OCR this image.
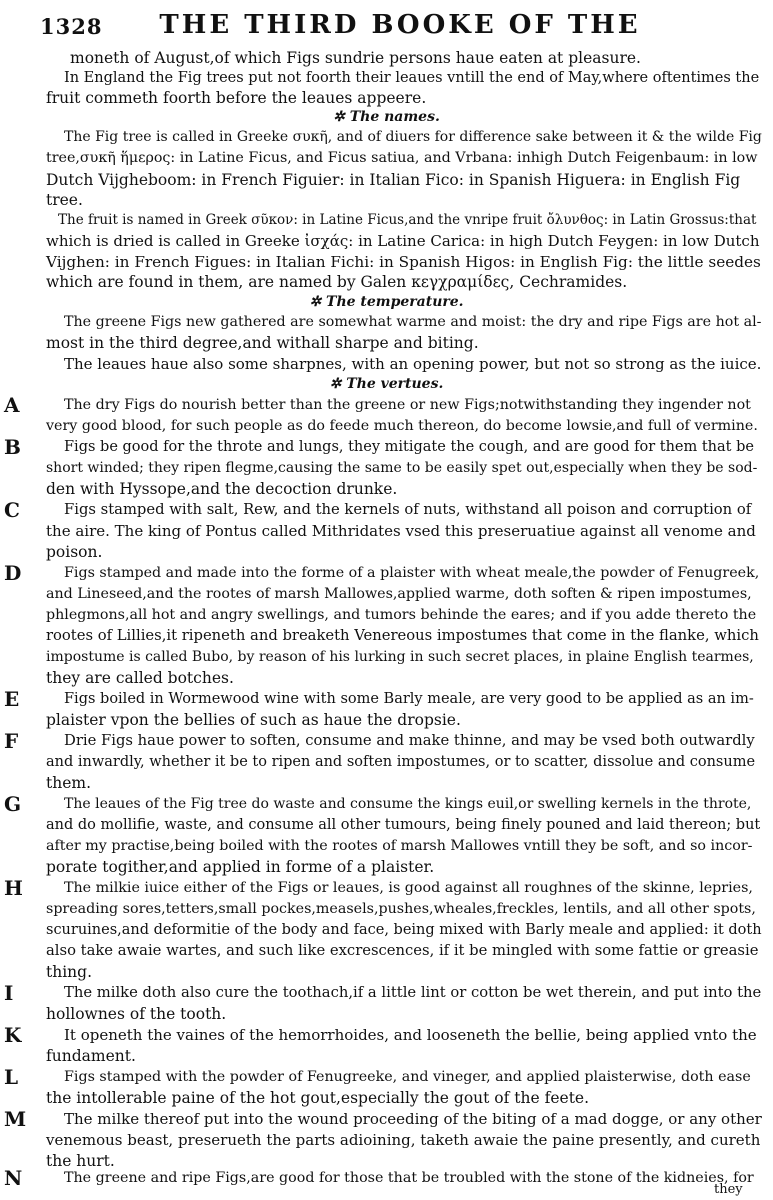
1328	THE THIRD BOOKE OF THE
moneth of August,of which Figs sundrie persons haue eaten at pleasure.
In England the Fig trees put not foorth their leaues vntill the end of May,where oftentimes the
fruit commeth foorth before the leaues appeere.
✲ The names.
The Fig tree is called in Greeke συκῆ, and of diuers for difference sake between it & the wilde Fig
tree,συκῆ ἥμερος: in Latine Ficus, and Ficus satiua, and Vrbana: inhigh Dutch Feigenbaum: in low
Dutch Vijgheboom: in French Figuier: in Italian Fico: in Spanish Higuera: in English Fig
tree.
The fruit is named in Greek σῦκον: in Latine Ficus,and the vnripe fruit ὄλυνθος: in Latin Grossus:that
which is dried is called in Greeke ἰσχάς: in Latine Carica: in high Dutch Feygen: in low Dutch
Vijghen: in French Figues: in Italian Fichi: in Spanish Higos: in English Fig: the little seedes
which are found in them, are named by Galen κεγχραμίδες, Cechramides.
✲ The temperature.
The greene Figs new gathered are somewhat warme and moist: the dry and ripe Figs are hot al-
most in the third degree,and withall sharpe and biting.
The leaues haue also some sharpnes, with an opening power, but not so strong as the iuice.
✲ The vertues.
A	The dry Figs do nourish better than the greene or new Figs;notwithstanding they ingender not
very good blood, for such people as do feede much thereon, do become lowsie,and full of vermine.
B	Figs be good for the throte and lungs, they mitigate the cough, and are good for them that be
short winded; they ripen flegme,causing the same to be easily spet out,especially when they be sod-
den with Hyssope,and the decoction drunke.
C	Figs stamped with salt, Rew, and the kernels of nuts, withstand all poison and corruption of
the aire. The king of Pontus called Mithridates vsed this preseruatiue against all venome and
poison.
D	Figs stamped and made into the forme of a plaister with wheat meale,the powder of Fenugreek,
and Lineseed,and the rootes of marsh Mallowes,applied warme, doth soften & ripen impostumes,
phlegmons,all hot and angry swellings, and tumors behinde the eares; and if you adde thereto the
rootes of Lillies,it ripeneth and breaketh Venereous impostumes that come in the flanke, which
impostume is called Bubo, by reason of his lurking in such secret places, in plaine English tearmes,
they are called botches.
E	Figs boiled in Wormewood wine with some Barly meale, are very good to be applied as an im-
plaister vpon the bellies of such as haue the dropsie.
F	Drie Figs haue power to soften, consume and make thinne, and may be vsed both outwardly
and inwardly, whether it be to ripen and soften impostumes, or to scatter, dissolue and consume
them.
G	The leaues of the Fig tree do waste and consume the kings euil,or swelling kernels in the throte,
and do mollifie, waste, and consume all other tumours, being finely pouned and laid thereon; but
after my practise,being boiled with the rootes of marsh Mallowes vntill they be soft, and so incor-
porate togither,and applied in forme of a plaister.
H	The milkie iuice either of the Figs or leaues, is good against all roughnes of the skinne, lepries,
spreading sores,tetters,small pockes,measels,pushes,wheales,freckles, lentils, and all other spots,
scuruines,and deformitie of the body and face, being mixed with Barly meale and applied: it doth
also take awaie wartes, and such like excrescences, if it be mingled with some fattie or greasie
thing.
I	The milke doth also cure the toothach,if a little lint or cotton be wet therein, and put into the
hollownes of the tooth.
K	It openeth the vaines of the hemorrhoides, and looseneth the bellie, being applied vnto the
fundament.
L	Figs stamped with the powder of Fenugreeke, and vineger, and applied plaisterwise, doth ease
the intollerable paine of the hot gout,especially the gout of the feete.
M	The milke thereof put into the wound proceeding of the biting of a mad dogge, or any other
venemous beast, preserueth the parts adioining, taketh awaie the paine presently, and cureth
the hurt.
N	The greene and ripe Figs,are good for those that be troubled with the stone of the kidneies, for
they
